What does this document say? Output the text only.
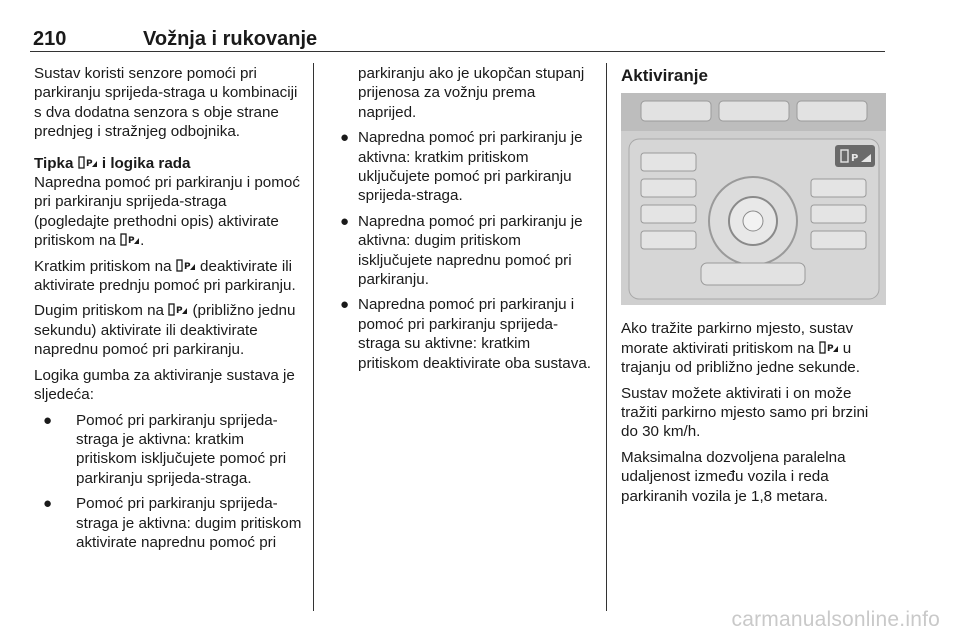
210	Vožnja i rukovanje

Sustav koristi senzore pomoći pri parkiranju sprijeda-straga u kombinaciji s dva dodatna senzora s obje strane prednjeg i stražnjeg odbojnika.

Tipka P i logika rada

Napredna pomoć pri parkiranju i pomoć pri parkiranju sprijeda-straga (pogledajte prethodni opis) aktivirate pritiskom na P .

Kratkim pritiskom na P deaktivirate ili aktivirate prednju pomoć pri parkiranju.

Dugim pritiskom na P (približno jednu sekundu) aktivirate ili deaktivirate naprednu pomoć pri parkiranju.

Logika gumba za aktiviranje sustava je sljedeća:

● Pomoć pri parkiranju sprijeda-straga je aktivna: kratkim pritiskom isključujete pomoć pri parkiranju sprijeda-straga.
● Pomoć pri parkiranju sprijeda-straga je aktivna: dugim pritiskom aktivirate naprednu pomoć pri

parkiranju ako je ukopčan stupanj prijenosa za vožnju prema naprijed.

● Napredna pomoć pri parkiranju je aktivna: kratkim pritiskom uključujete pomoć pri parkiranju sprijeda-straga.
● Napredna pomoć pri parkiranju je aktivna: dugim pritiskom isključujete naprednu pomoć pri parkiranju.
● Napredna pomoć pri parkiranju i pomoć pri parkiranju sprijeda-straga su aktivne: kratkim pritiskom deaktivirate oba sustava.
Aktiviranje
P

Ako tražite parkirno mjesto, sustav morate aktivirati pritiskom na P u trajanju od približno jedne sekunde.

Sustav možete aktivirati i on može tražiti parkirno mjesto samo pri brzini do 30 km/h.

Maksimalna dozvoljena paralelna udaljenost između vozila i reda parkiranih vozila je 1,8 metara.

carmanualsonline.info
